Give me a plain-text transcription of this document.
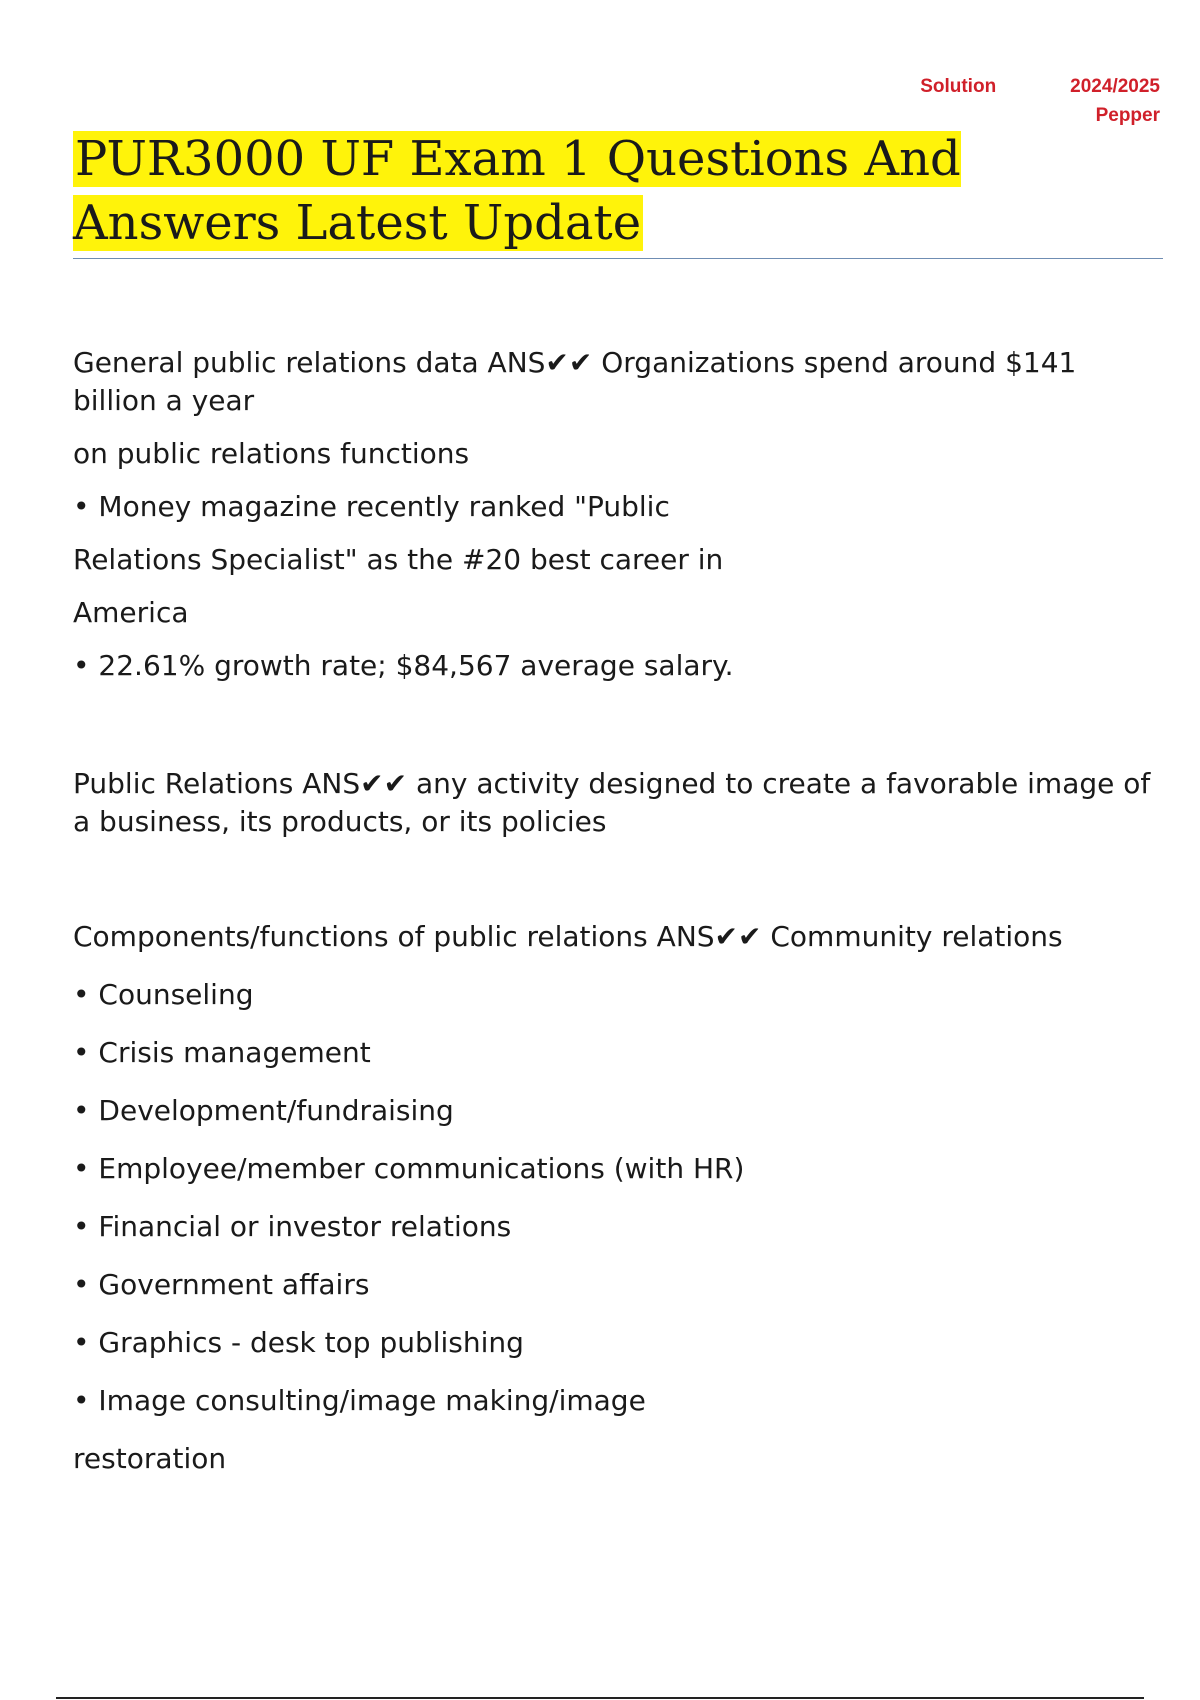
Solution	2024/2025
Pepper
PUR3000 UF Exam 1 Questions And Answers Latest Update

General public relations data ANS✔✔ Organizations spend around $141 billion a year

on public relations functions

• Money magazine recently ranked "Public

Relations Specialist" as the #20 best career in

America

• 22.61% growth rate; $84,567 average salary.

Public Relations ANS✔✔ any activity designed to create a favorable image of a business, its products, or its policies

Components/functions of public relations ANS✔✔ Community relations

• Counseling

• Crisis management

• Development/fundraising

• Employee/member communications (with HR)

• Financial or investor relations

• Government affairs

• Graphics - desk top publishing

• Image consulting/image making/image

restoration
